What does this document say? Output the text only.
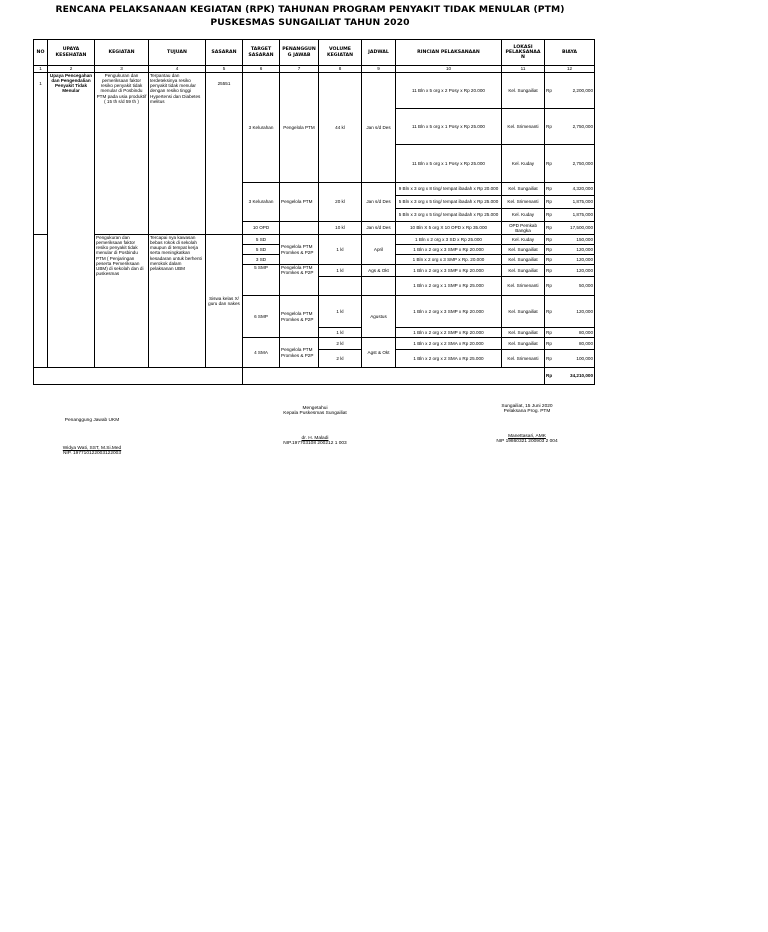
RENCANA PELAKSANAAN KEGIATAN (RPK) TAHUNAN PROGRAM PENYAKIT TIDAK MENULAR (PTM)
PUSKESMAS SUNGAILIAT TAHUN 2020
NO	UPAYA KESEHATAN	KEGIATAN	TUJUAN	SASARAN	TARGET SASARAN	PENANGGUN G JAWAB	VOLUME KEGIATAN	JADWAL	RINCIAN PELAKSANAAN	LOKASI PELAKSANAA N	BIAYA	
1	2	3	4	5	6	7	8	9	10	11	12	
1	Upaya Pencegahan dan Pengendalian Penyakit Tidak Menular	Pengukuran dan pemeriksaan faktor resiko penyakit tidak menular di Posbindu PTM pada usia produktif ( 15 th s/d 59 th )	Terpantau dan terdeteksinya resiko penyakit tidak menular dengan resiko tinggi Hypertensi dan Diabetes melitus	25551	3 Kelurahan	Pengelola PTM	44 kl	Jan s/d Des	11 Bln x 5 org x 2 Posy x Rp 20.000	Kel. Sungailiat	Rp	2,200,000
									11 Bln x 5 org x 1 Posy x Rp 25.000	Kel. Srimenanti	Rp	2,750,000
									11 Bln x 5 org x 1 Posy x Rp 25.000	Kel. Kuday	Rp	2,750,000
					3 Kelurahan	Pengelola PTM	20 kl	Jan s/d Des	9 Bln x 3 org x 8 ting/ tempat ibadah x Rp 20.000	Kel. Sungailiat	Rp	4,320,000
									5 Bln x 3 org x 5 ting/ tempat ibadah x Rp 25.000	Kel. Srimenanti	Rp	1,875,000
									5 Bln x 3 org x 5 ting/ tempat ibadah x Rp 25.000	Kel. Kuday	Rp	1,875,000
					10 OPD		10 kl	Jan s/d Des	10 Bln X 5 org X 10 OPD x Rp 35.000	OPD Pemkab Bangka	Rp	17,500,000
		Pengukuran dan pemeriksaan faktor resiko penyakit tidak menular di Posbindu PTM ( Penjaringan peserta Pemeriksaan UBM) di sekolah dan di puskesmas	Tercapai nya kawasan bebas rokok di sekolah maupun di tempat kerja serta meningkatkan kesadaran untuk berhenti merokok dalam pelaksanan UBM	Siswa kelas X/ guru dan nakes	5 SD	Pengelola PTM Promkes & P2P	1 kl	April	1 Bln x 2 org x 3 SD x Rp 25.000	Kel. Kuday	Rp	150,000
					5 SD				1 Bln x 2 org x 3 SMP x Rp 20.000	Kel. Sungailiat	Rp	120,000
					3 SD				1 Bln x 2 org x 3 SMP x Rp. 20.000	Kel. Sungailiat	Rp	120,000
					5 SMP	Pengelola PTM Promkes & P2P	1 kl	Ags & Okt	1 Bln x 2 org x 3 SMP x Rp 20.000	Kel. Sungailiat	Rp	120,000
									1 Bln x 2 org x 1 SMP x Rp 25.000	Kel. Srimenanti	Rp	50,000
					6 SMP	Pengelola PTM Promkes & P2P	1 kl	Agustus	1 Bln x 2 org x 3 SMP x Rp 20.000	Kel. Sungailiat	Rp	120,000
							1 kl		1 Bln x 2 org x 2 SMP x Rp 20.000	Kel. Sungailiat	Rp	80,000
					4 SMA	Pengelola PTM Promkes & P2P	2 kl	Agst & Okt	1 Bln x 2 org x 2 SMA x Rp 20.000	Kel. Sungailiat	Rp	80,000
							2 kl		1 Bln x 2 org x 2 SMA x Rp 25.000	Kel. Srimenanti	Rp	100,000
											Rp	34,210,000
Penanggung Jawab UKM
Widya Wati, SST, M.Si.Med
NIP. 197710122003122003
Mengetahui
Kepala Puskesmas Sungailiat
dr. H. Maladi
NIP.197703108 200212 1 003
Sungailiat, 15 Juni 2020
Pelaksana Prog. PTM
Manettasari, AMK
NIP 19860321 200903 2 004
